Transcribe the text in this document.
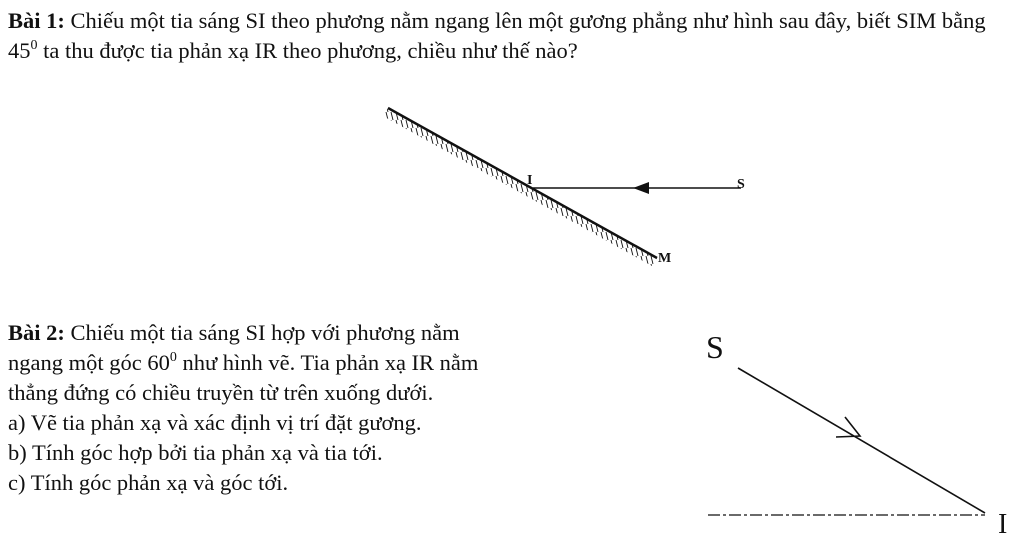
Bài 1: Chiếu một tia sáng SI theo phương nằm ngang lên một gương phẳng như hình sau đây, biết SIM bằng $45^0$ ta thu được tia phản xạ IR theo phương, chiều như thế nào?

I	S
M
Bài 2: Chiếu một tia sáng SI hợp với phương nằm
ngang một góc $60^0$ như hình vẽ. Tia phản xạ IR nằm
thẳng đứng có chiều truyền từ trên xuống dưới.
a) Vẽ tia phản xạ và xác định vị trí đặt gương.
b) Tính góc hợp bởi tia phản xạ và tia tới.
c) Tính góc phản xạ và góc tới.
S
I
